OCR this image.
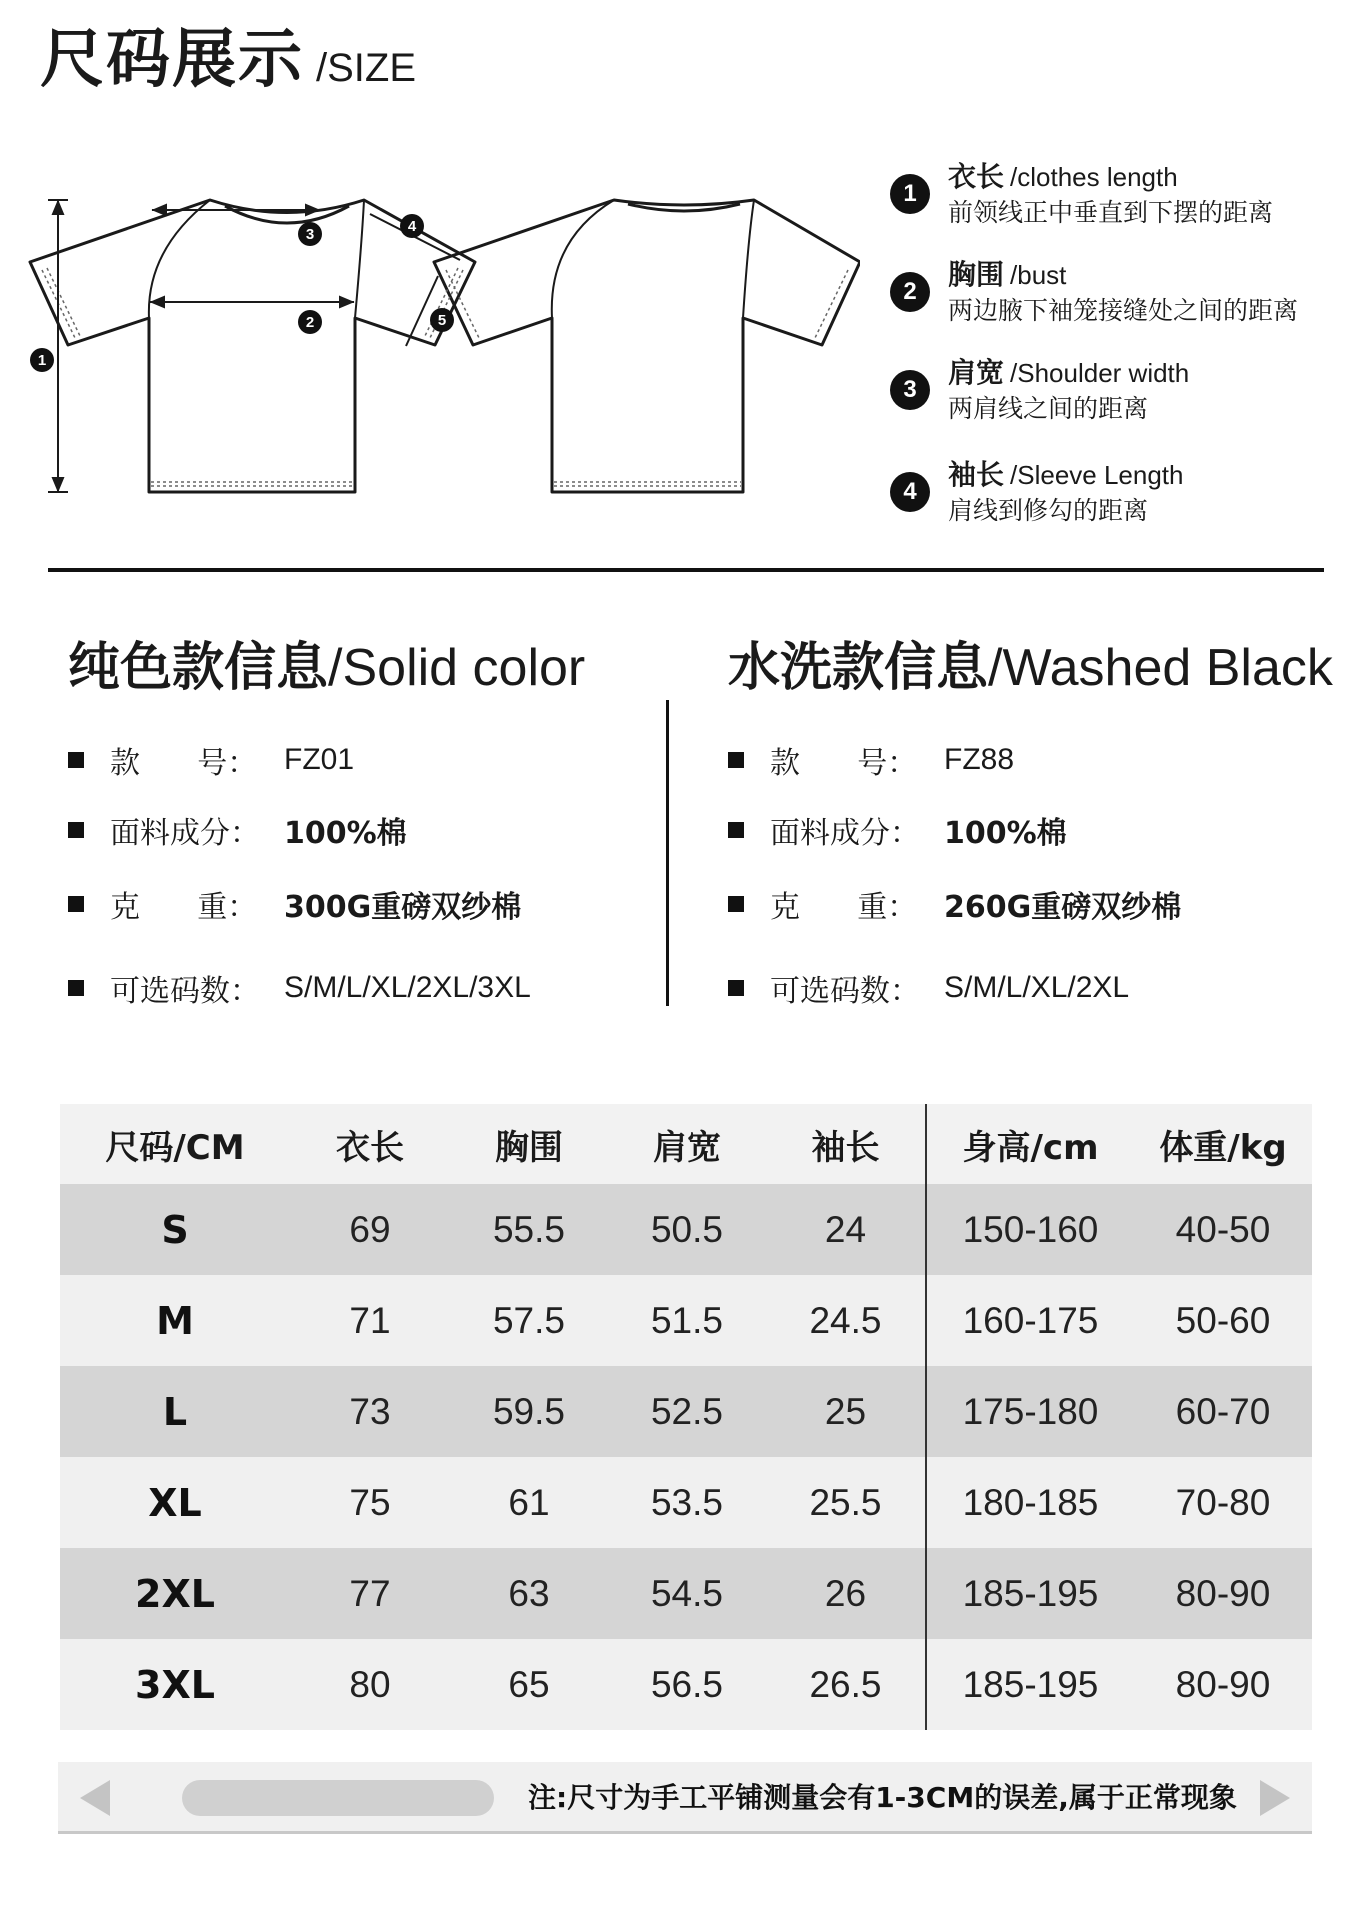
尺码展示 /SIZE
1
2
3	4
5
1
衣长 /clothes length
前领线正中垂直到下摆的距离
2
胸围 /bust
两边腋下袖笼接缝处之间的距离
3
肩宽 /Shoulder width
两肩线之间的距离
4
袖长 /Sleeve Length
肩线到修勾的距离
纯色款信息/Solid color
款      号： FZ01
面料成分： 100%棉
克      重： 300G重磅双纱棉
可选码数： S/M/L/XL/2XL/3XL
水洗款信息/Washed Black
款      号： FZ88
面料成分： 100%棉
克      重： 260G重磅双纱棉
可选码数： S/M/L/XL/2XL
尺码/CM	衣长	胸围	肩宽	袖长	身高/cm	体重/kg
S	69	55.5	50.5	24	150-160	40-50
M	71	57.5	51.5	24.5	160-175	50-60
L	73	59.5	52.5	25	175-180	60-70
XL	75	61	53.5	25.5	180-185	70-80
2XL	77	63	54.5	26	185-195	80-90
3XL	80	65	56.5	26.5	185-195	80-90
注:尺寸为手工平铺测量会有1-3CM的误差,属于正常现象
